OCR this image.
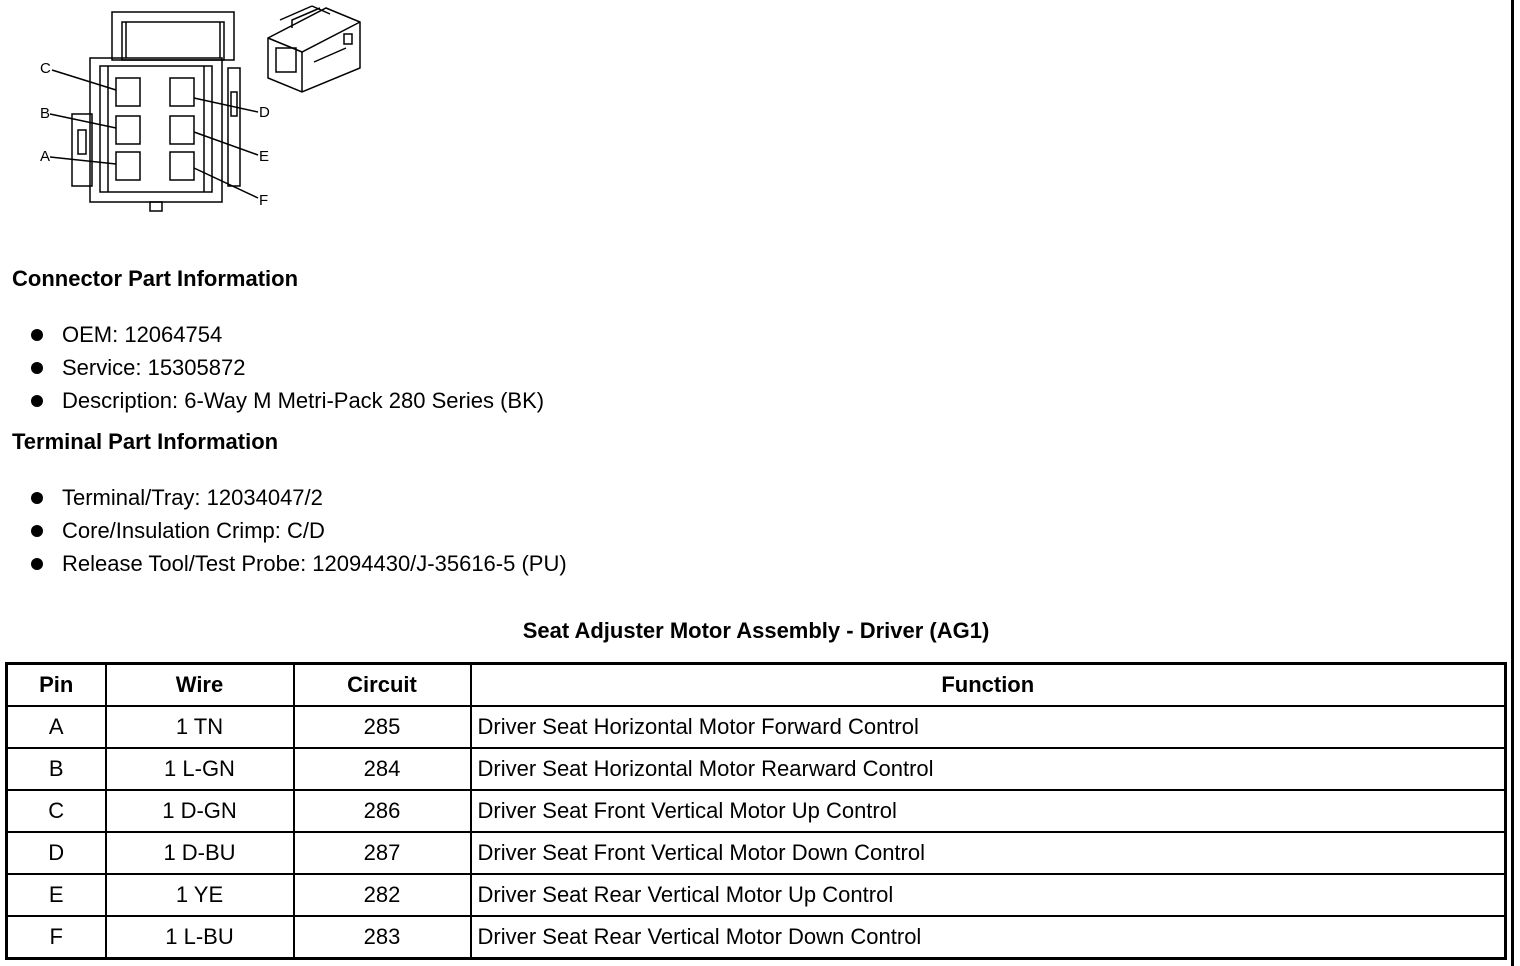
C
B
A
D
E
F
Connector Part Information
OEM: 12064754
Service: 15305872
Description: 6-Way M Metri-Pack 280 Series (BK)
Terminal Part Information
Terminal/Tray: 12034047/2
Core/Insulation Crimp: C/D
Release Tool/Test Probe: 12094430/J-35616-5 (PU)
Seat Adjuster Motor Assembly - Driver (AG1)
Pin	Wire	Circuit	Function
A	1 TN	285	Driver Seat Horizontal Motor Forward Control
B	1 L-GN	284	Driver Seat Horizontal Motor Rearward Control
C	1 D-GN	286	Driver Seat Front Vertical Motor Up Control
D	1 D-BU	287	Driver Seat Front Vertical Motor Down Control
E	1 YE	282	Driver Seat Rear Vertical Motor Up Control
F	1 L-BU	283	Driver Seat Rear Vertical Motor Down Control
